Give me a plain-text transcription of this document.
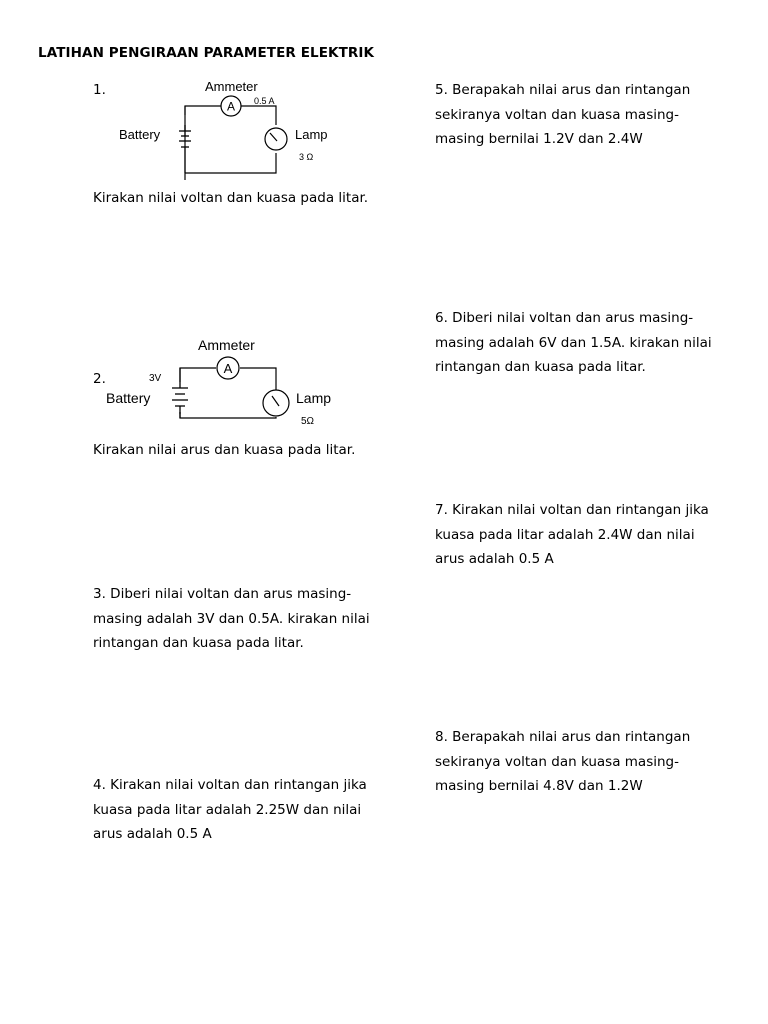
LATIHAN PENGIRAAN PARAMETER ELEKTRIK
1.
A
Ammeter
0.5 A
Battery	Lamp
3 Ω
Kirakan nilai voltan dan kuasa pada litar.
A
Ammeter
3V
Battery	Lamp
5Ω
2.
Kirakan nilai arus dan kuasa pada litar.
3. Diberi nilai voltan dan arus masing-
masing adalah 3V dan 0.5A. kirakan nilai
rintangan dan kuasa pada litar.
4. Kirakan nilai voltan dan rintangan jika
kuasa pada litar adalah 2.25W dan nilai
arus adalah 0.5 A
5. Berapakah nilai arus dan rintangan
sekiranya voltan dan kuasa masing-
masing bernilai 1.2V dan 2.4W
6. Diberi nilai voltan dan arus masing-
masing adalah 6V dan 1.5A. kirakan nilai
rintangan dan kuasa pada litar.
7. Kirakan nilai voltan dan rintangan jika
kuasa pada litar adalah 2.4W dan nilai
arus adalah 0.5 A
8. Berapakah nilai arus dan rintangan
sekiranya voltan dan kuasa masing-
masing bernilai 4.8V dan 1.2W
